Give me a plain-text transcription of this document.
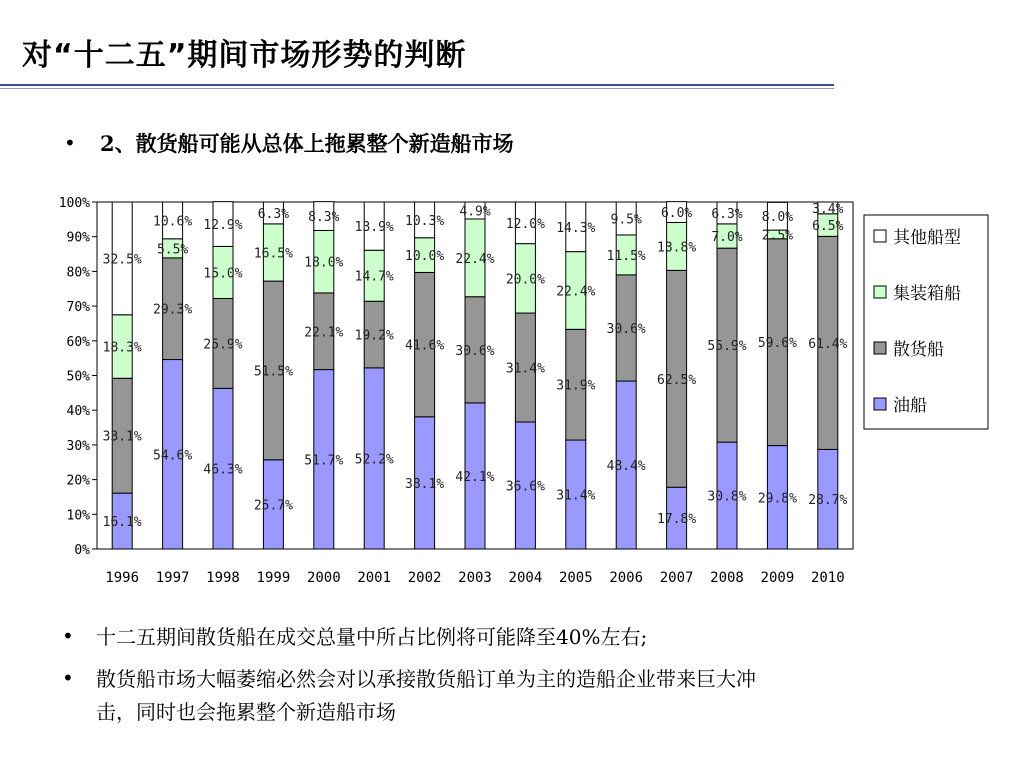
对“十二五”期间市场形势的判断
• 2、散货船可能从总体上拖累整个新造船市场
0%
10%
20%
30%
40%
50%
60%
70%
80%
90%
100%
1996 1997 1998 1999 2000 2001 2002 2003 2004 2005 2006 2007 2008 2009 2010
16.1%
33.1%
18.3%
32.5%
54.6%
29.3%
5.5%
10.6%
46.3%
25.9%
15.0%
12.9%
25.7%
51.5%
16.5%
6.3%
51.7%
22.1%
18.0%
8.3%
52.2%
19.2%
14.7%
13.9%
38.1%
41.6%
10.0%
10.3%
42.1%
30.6%
22.4%
4.9%
36.6%
31.4%
20.0%
12.0%
31.4%
31.9%
22.4%
14.3%
48.4%
30.6%
11.5%
9.5%
17.8%
62.5%
13.8%
6.0%
30.8%
55.9%
7.0%
6.3%
29.8%
59.6%
2.5%
8.0%
28.7%
61.4%
6.5%
3.4%
其他船型
集装箱船
散货船
油船
• 十二五期间散货船在成交总量中所占比例将可能降至40%左右;
• 散货船市场大幅萎缩必然会对以承接散货船订单为主的造船企业带来巨大冲
击，同时也会拖累整个新造船市场
